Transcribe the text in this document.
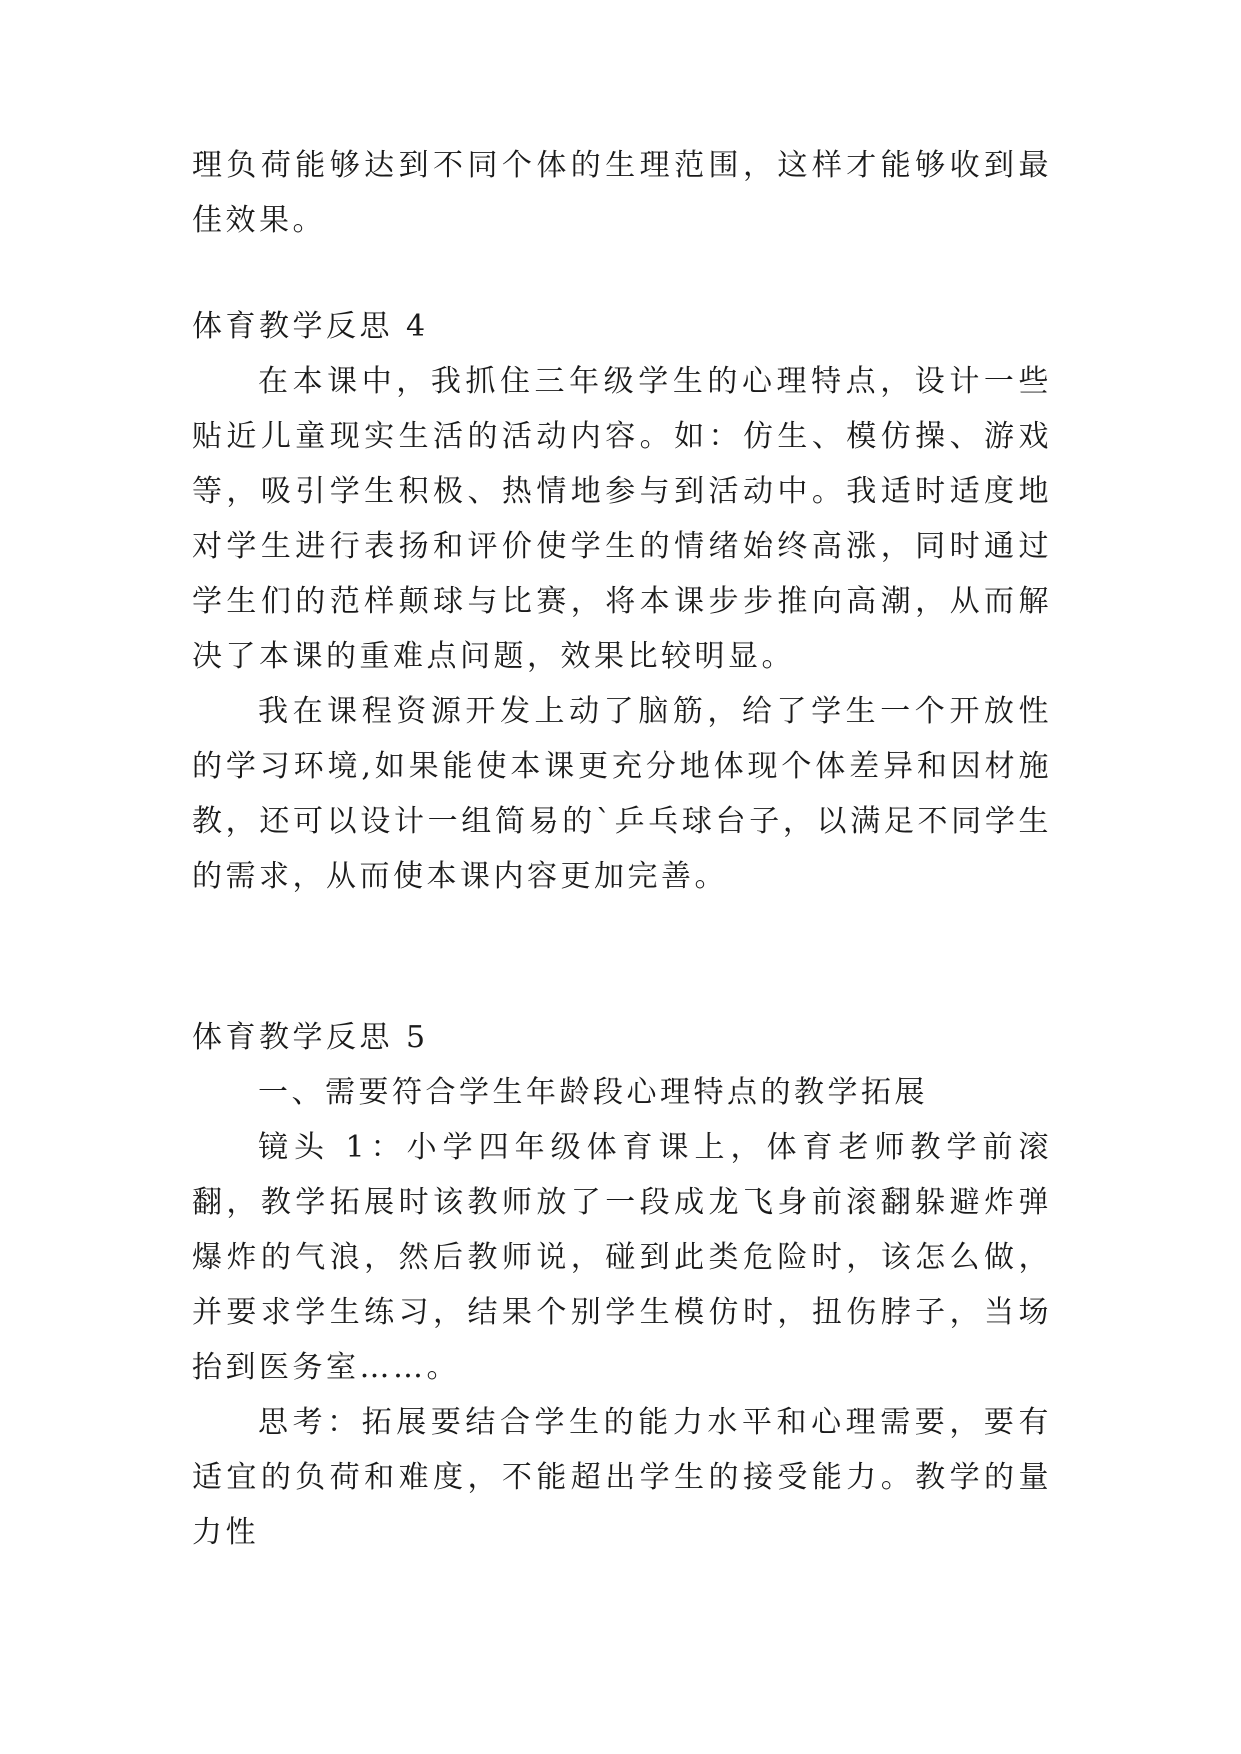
理负荷能够达到不同个体的生理范围，这样才能够收到最佳效果。

体育教学反思 4

在本课中，我抓住三年级学生的心理特点，设计一些贴近儿童现实生活的活动内容。如：仿生、模仿操、游戏等，吸引学生积极、热情地参与到活动中。我适时适度地对学生进行表扬和评价使学生的情绪始终高涨，同时通过学生们的范样颠球与比赛，将本课步步推向高潮，从而解决了本课的重难点问题，效果比较明显。

我在课程资源开发上动了脑筋，给了学生一个开放性的学习环境,如果能使本课更充分地体现个体差异和因材施教，还可以设计一组简易的`乒乓球台子，以满足不同学生的需求，从而使本课内容更加完善。

体育教学反思 5

一、需要符合学生年龄段心理特点的教学拓展

镜头 1：小学四年级体育课上，体育老师教学前滚翻，教学拓展时该教师放了一段成龙飞身前滚翻躲避炸弹爆炸的气浪，然后教师说，碰到此类危险时，该怎么做，并要求学生练习，结果个别学生模仿时，扭伤脖子，当场抬到医务室……。

思考：拓展要结合学生的能力水平和心理需要，要有适宜的负荷和难度，不能超出学生的接受能力。教学的量力性
